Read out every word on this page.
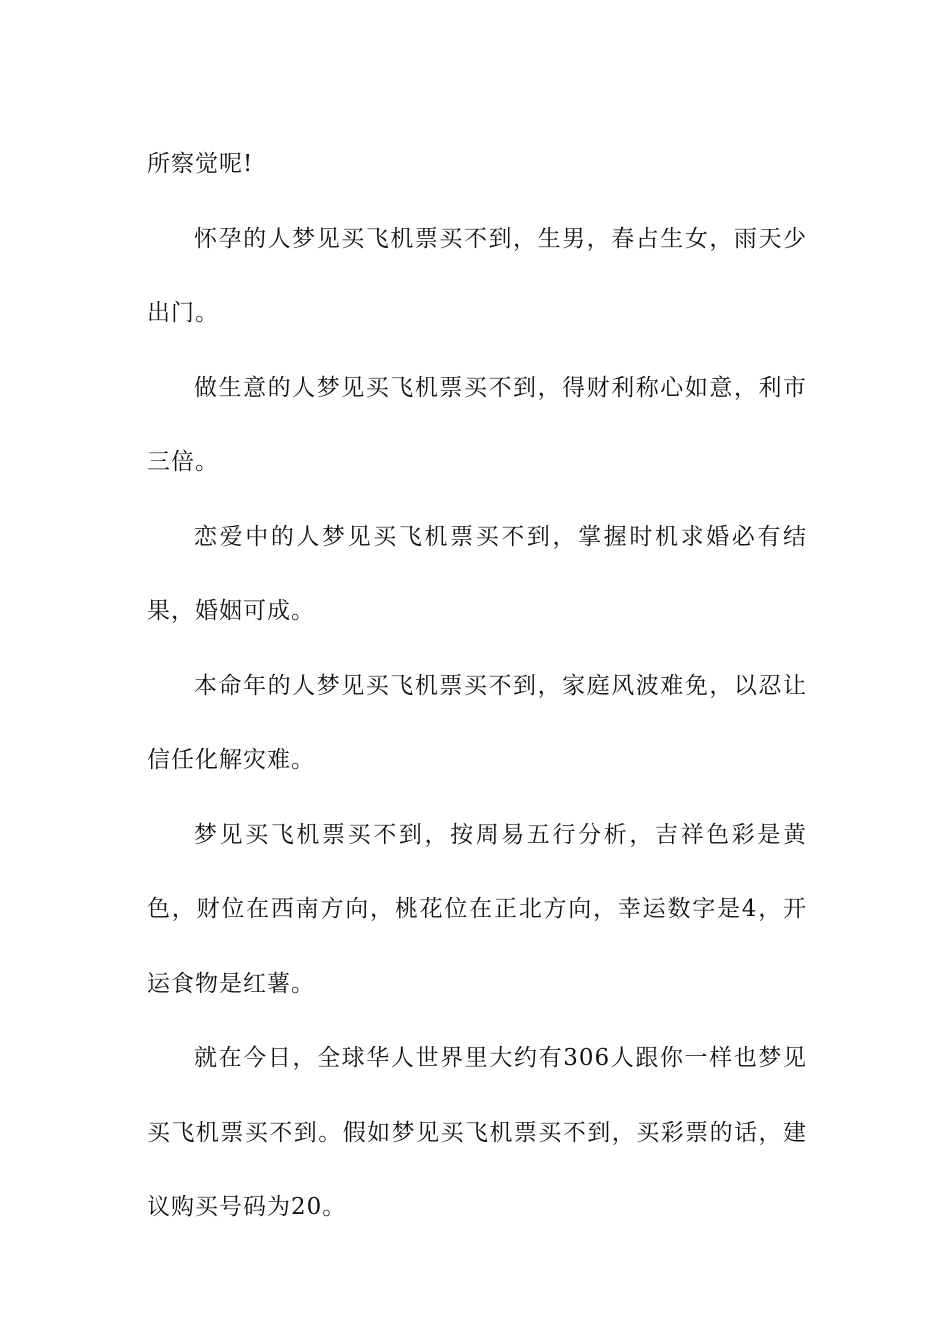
所察觉呢!

怀孕的人梦见买飞机票买不到，生男，春占生女，雨天少出门。

做生意的人梦见买飞机票买不到，得财利称心如意，利市三倍。

恋爱中的人梦见买飞机票买不到，掌握时机求婚必有结果，婚姻可成。

本命年的人梦见买飞机票买不到，家庭风波难免，以忍让信任化解灾难。

梦见买飞机票买不到，按周易五行分析，吉祥色彩是黄色，财位在西南方向，桃花位在正北方向，幸运数字是4，开运食物是红薯。

就在今日，全球华人世界里大约有306人跟你一样也梦见买飞机票买不到。假如梦见买飞机票买不到，买彩票的话，建议购买号码为20。
